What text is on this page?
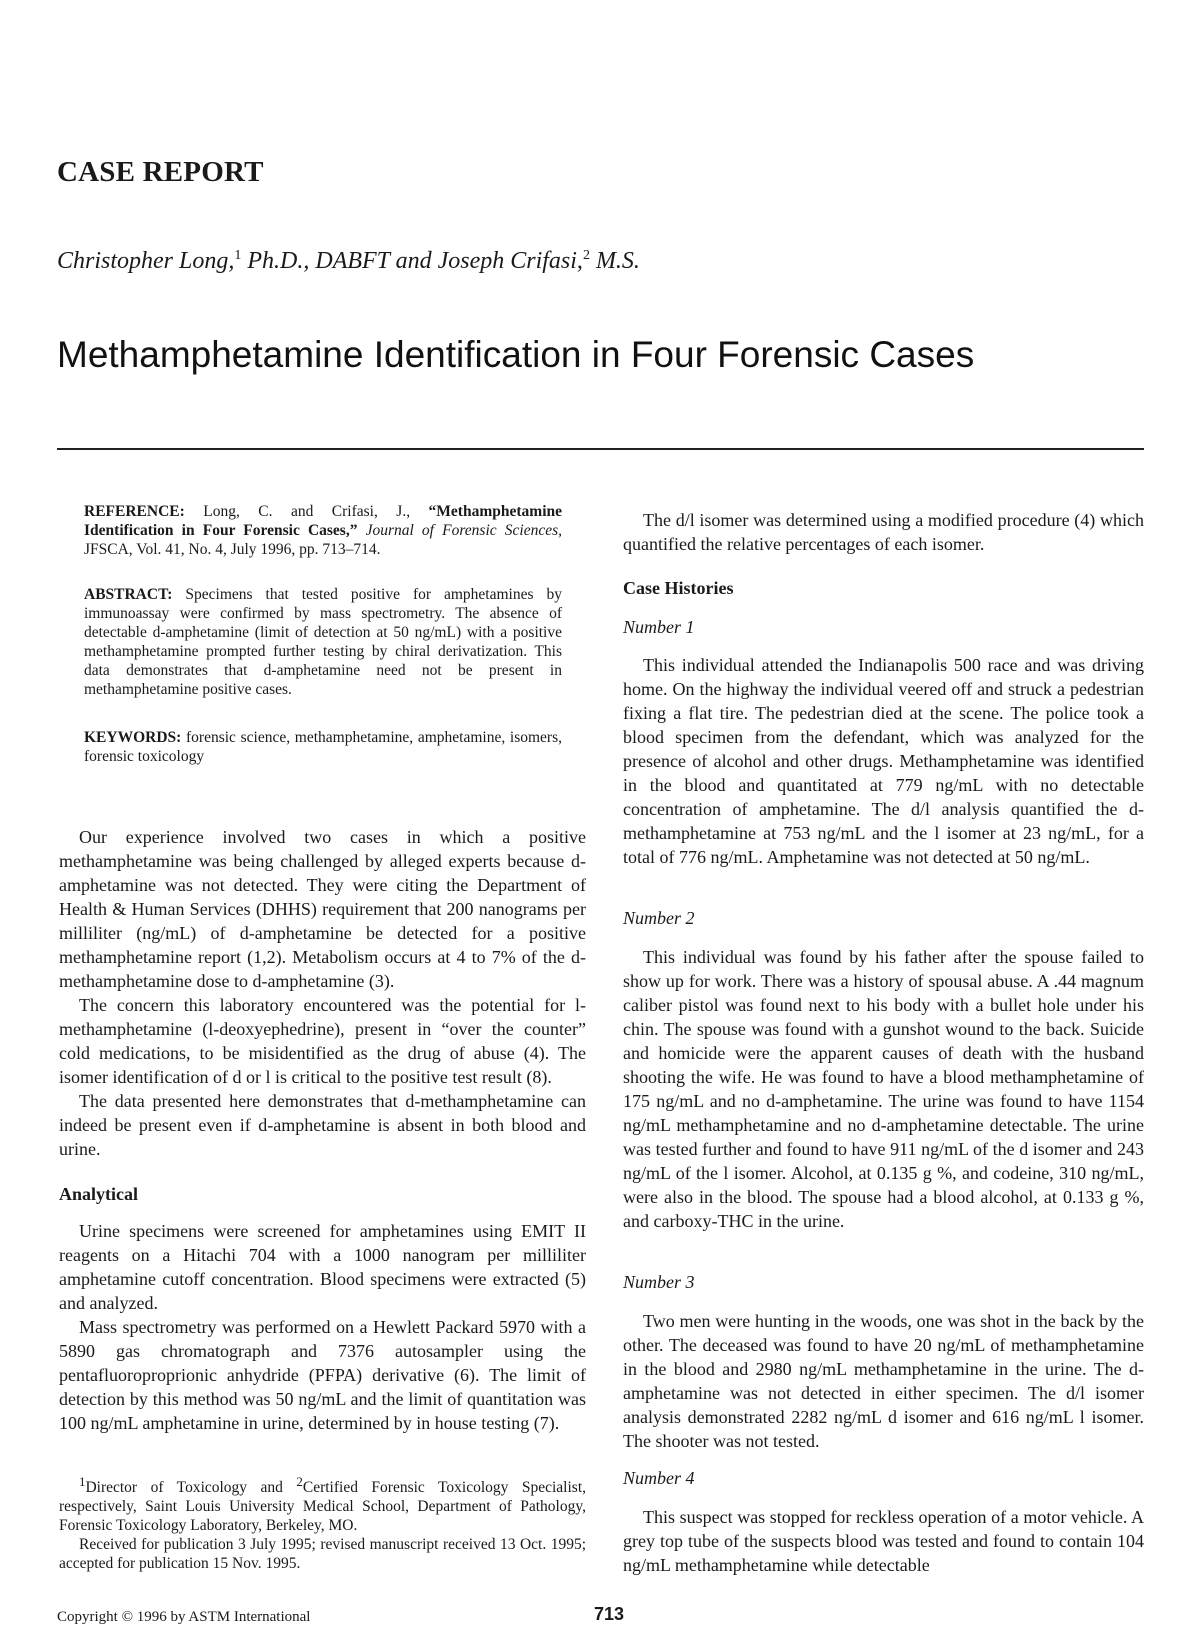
CASE REPORT
Christopher Long,$^1$ Ph.D., DABFT and Joseph Crifasi,$^2$ M.S.
Methamphetamine Identification in Four Forensic Cases
REFERENCE: Long, C. and Crifasi, J., “Methamphetamine Identification in Four Forensic Cases,” Journal of Forensic Sciences, JFSCA, Vol. 41, No. 4, July 1996, pp. 713–714.
ABSTRACT: Specimens that tested positive for amphetamines by immunoassay were confirmed by mass spectrometry. The absence of detectable d-amphetamine (limit of detection at 50 ng/mL) with a positive methamphetamine prompted further testing by chiral derivatization. This data demonstrates that d-amphetamine need not be present in methamphetamine positive cases.
KEYWORDS: forensic science, methamphetamine, amphetamine, isomers, forensic toxicology

Our experience involved two cases in which a positive methamphetamine was being challenged by alleged experts because d-amphetamine was not detected. They were citing the Department of Health & Human Services (DHHS) requirement that 200 nanograms per milliliter (ng/mL) of d-amphetamine be detected for a positive methamphetamine report (1,2). Metabolism occurs at 4 to 7% of the d-methamphetamine dose to d-amphetamine (3).

The concern this laboratory encountered was the potential for l-methamphetamine (l-deoxyephedrine), present in “over the counter” cold medications, to be misidentified as the drug of abuse (4). The isomer identification of d or l is critical to the positive test result (8).

The data presented here demonstrates that d-methamphetamine can indeed be present even if d-amphetamine is absent in both blood and urine.

Analytical

Urine specimens were screened for amphetamines using EMIT II reagents on a Hitachi 704 with a 1000 nanogram per milliliter amphetamine cutoff concentration. Blood specimens were extracted (5) and analyzed.

Mass spectrometry was performed on a Hewlett Packard 5970 with a 5890 gas chromatograph and 7376 autosampler using the pentafluoroproprionic anhydride (PFPA) derivative (6). The limit of detection by this method was 50 ng/mL and the limit of quantitation was 100 ng/mL amphetamine in urine, determined by in house testing (7).

$^1$Director of Toxicology and $^2$Certified Forensic Toxicology Specialist, respectively, Saint Louis University Medical School, Department of Pathology, Forensic Toxicology Laboratory, Berkeley, MO.

Received for publication 3 July 1995; revised manuscript received 13 Oct. 1995; accepted for publication 15 Nov. 1995.

The d/l isomer was determined using a modified procedure (4) which quantified the relative percentages of each isomer.

Case Histories
Number 1

This individual attended the Indianapolis 500 race and was driving home. On the highway the individual veered off and struck a pedestrian fixing a flat tire. The pedestrian died at the scene. The police took a blood specimen from the defendant, which was analyzed for the presence of alcohol and other drugs. Methamphetamine was identified in the blood and quantitated at 779 ng/mL with no detectable concentration of amphetamine. The d/l analysis quantified the d-methamphetamine at 753 ng/mL and the l isomer at 23 ng/mL, for a total of 776 ng/mL. Amphetamine was not detected at 50 ng/mL.

Number 2

This individual was found by his father after the spouse failed to show up for work. There was a history of spousal abuse. A .44 magnum caliber pistol was found next to his body with a bullet hole under his chin. The spouse was found with a gunshot wound to the back. Suicide and homicide were the apparent causes of death with the husband shooting the wife. He was found to have a blood methamphetamine of 175 ng/mL and no d-amphetamine. The urine was found to have 1154 ng/mL methamphetamine and no d-amphetamine detectable. The urine was tested further and found to have 911 ng/mL of the d isomer and 243 ng/mL of the l isomer. Alcohol, at 0.135 g %, and codeine, 310 ng/mL, were also in the blood. The spouse had a blood alcohol, at 0.133 g %, and carboxy-THC in the urine.

Number 3

Two men were hunting in the woods, one was shot in the back by the other. The deceased was found to have 20 ng/mL of methamphetamine in the blood and 2980 ng/mL methamphetamine in the urine. The d-amphetamine was not detected in either specimen. The d/l isomer analysis demonstrated 2282 ng/mL d isomer and 616 ng/mL l isomer. The shooter was not tested.

Number 4

This suspect was stopped for reckless operation of a motor vehicle. A grey top tube of the suspects blood was tested and found to contain 104 ng/mL methamphetamine while detectable

Copyright © 1996 by ASTM International	713
